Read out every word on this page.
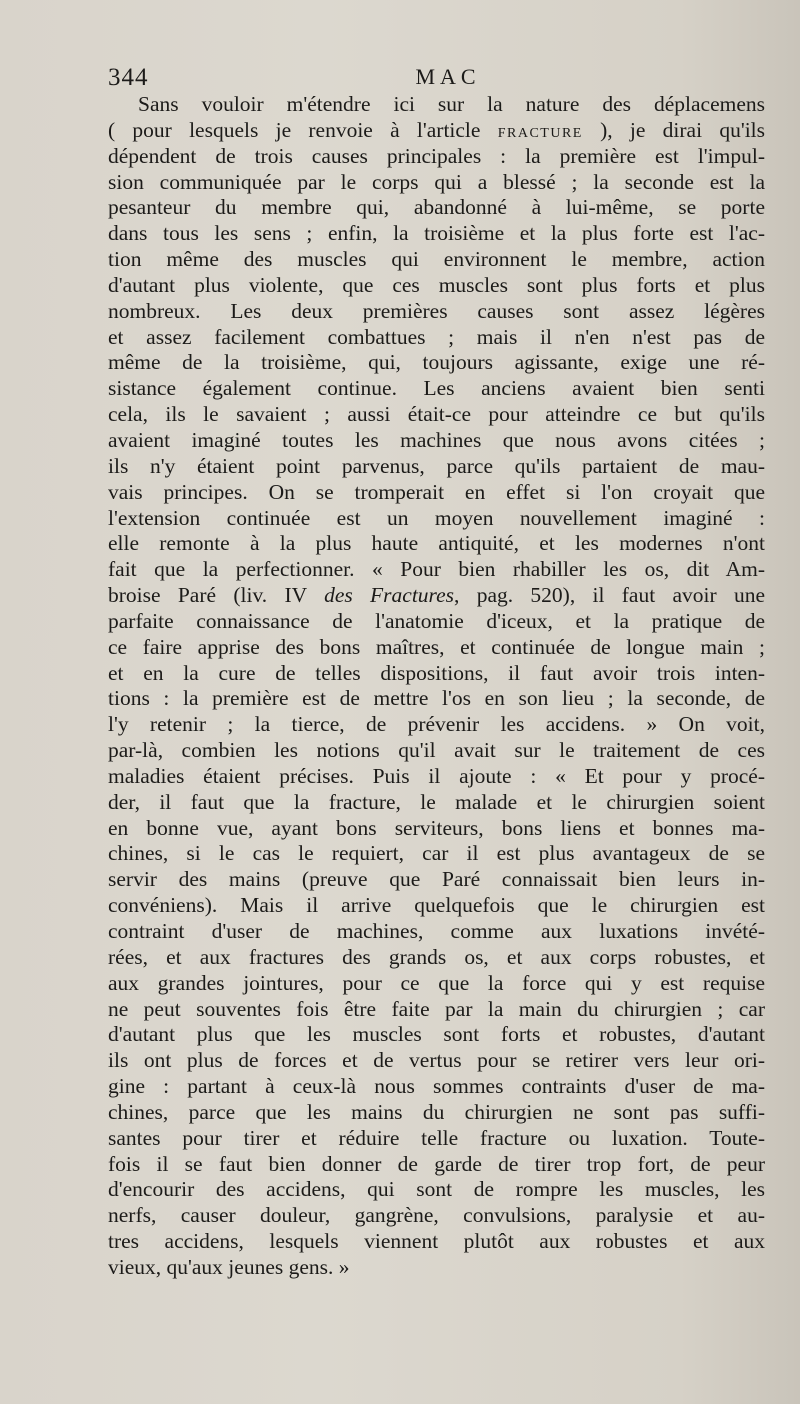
344	MAC
Sans vouloir m'étendre ici sur la nature des déplacemens
( pour lesquels je renvoie à l'article FRACTURE ), je dirai qu'ils
dépendent de trois causes principales : la première est l'impul-
sion communiquée par le corps qui a blessé ; la seconde est la
pesanteur du membre qui, abandonné à lui-même, se porte
dans tous les sens ; enfin, la troisième et la plus forte est l'ac-
tion même des muscles qui environnent le membre, action
d'autant plus violente, que ces muscles sont plus forts et plus
nombreux. Les deux premières causes sont assez légères
et assez facilement combattues ; mais il n'en n'est pas de
même de la troisième, qui, toujours agissante, exige une ré-
sistance également continue. Les anciens avaient bien senti
cela, ils le savaient ; aussi était-ce pour atteindre ce but qu'ils
avaient imaginé toutes les machines que nous avons citées ;
ils n'y étaient point parvenus, parce qu'ils partaient de mau-
vais principes. On se tromperait en effet si l'on croyait que
l'extension continuée est un moyen nouvellement imaginé :
elle remonte à la plus haute antiquité, et les modernes n'ont
fait que la perfectionner. « Pour bien rhabiller les os, dit Am-
broise Paré (liv. IV des Fractures, pag. 520), il faut avoir une
parfaite connaissance de l'anatomie d'iceux, et la pratique de
ce faire apprise des bons maîtres, et continuée de longue main ;
et en la cure de telles dispositions, il faut avoir trois inten-
tions : la première est de mettre l'os en son lieu ; la seconde, de
l'y retenir ; la tierce, de prévenir les accidens. » On voit,
par-là, combien les notions qu'il avait sur le traitement de ces
maladies étaient précises. Puis il ajoute : « Et pour y procé-
der, il faut que la fracture, le malade et le chirurgien soient
en bonne vue, ayant bons serviteurs, bons liens et bonnes ma-
chines, si le cas le requiert, car il est plus avantageux de se
servir des mains (preuve que Paré connaissait bien leurs in-
convéniens). Mais il arrive quelquefois que le chirurgien est
contraint d'user de machines, comme aux luxations invété-
rées, et aux fractures des grands os, et aux corps robustes, et
aux grandes jointures, pour ce que la force qui y est requise
ne peut souventes fois être faite par la main du chirurgien ; car
d'autant plus que les muscles sont forts et robustes, d'autant
ils ont plus de forces et de vertus pour se retirer vers leur ori-
gine : partant à ceux-là nous sommes contraints d'user de ma-
chines, parce que les mains du chirurgien ne sont pas suffi-
santes pour tirer et réduire telle fracture ou luxation. Toute-
fois il se faut bien donner de garde de tirer trop fort, de peur
d'encourir des accidens, qui sont de rompre les muscles, les
nerfs, causer douleur, gangrène, convulsions, paralysie et au-
tres accidens, lesquels viennent plutôt aux robustes et aux
vieux, qu'aux jeunes gens. »
